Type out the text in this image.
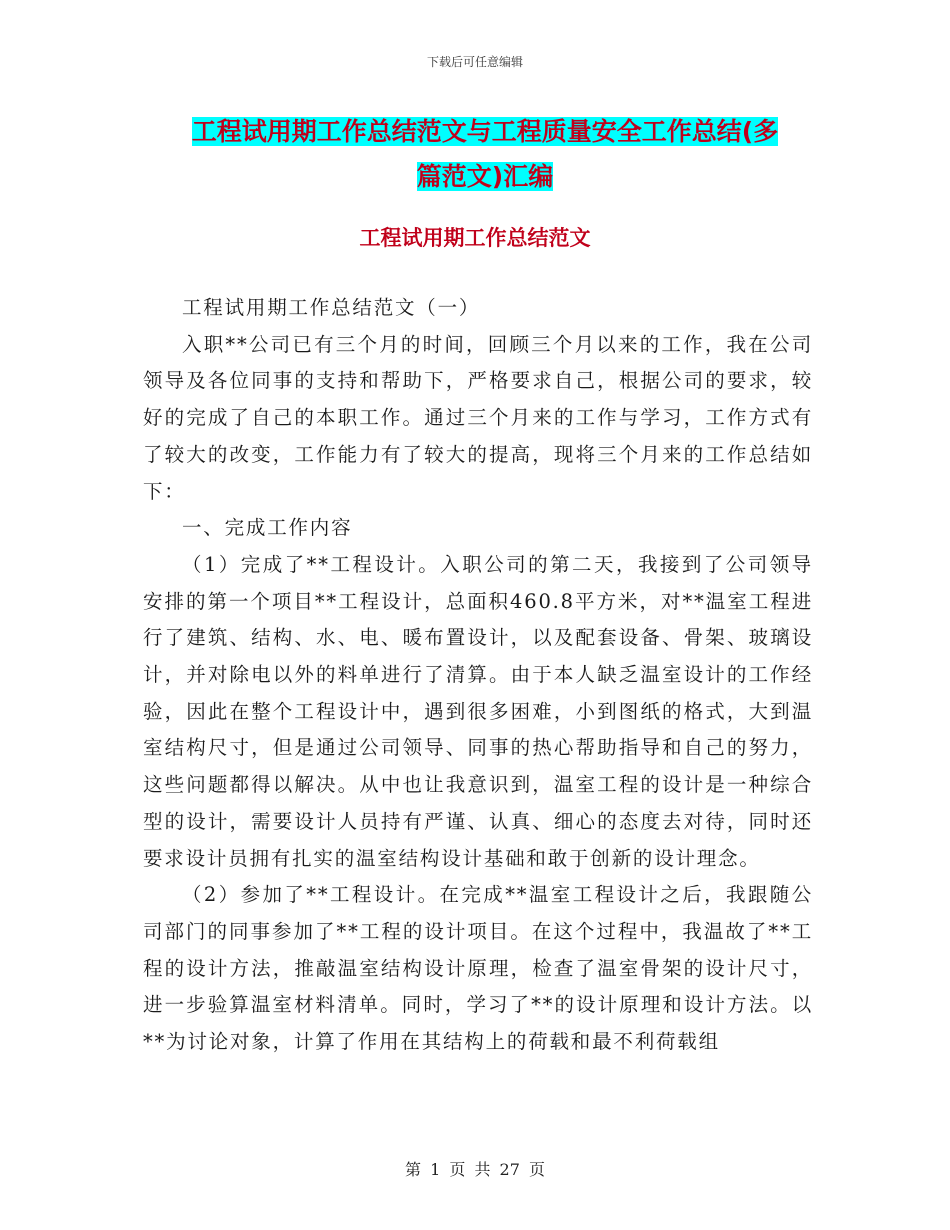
下载后可任意编辑
工程试用期工作总结范文与工程质量安全工作总结(多
篇范文)汇编
工程试用期工作总结范文

工程试用期工作总结范文（一）

入职**公司已有三个月的时间，回顾三个月以来的工作，我在公司领导及各位同事的支持和帮助下，严格要求自己，根据公司的要求，较好的完成了自己的本职工作。通过三个月来的工作与学习，工作方式有了较大的改变，工作能力有了较大的提高，现将三个月来的工作总结如下：

一、完成工作内容

（1）完成了**工程设计。入职公司的第二天，我接到了公司领导安排的第一个项目**工程设计，总面积460.8平方米，对**温室工程进行了建筑、结构、水、电、暖布置设计，以及配套设备、骨架、玻璃设计，并对除电以外的料单进行了清算。由于本人缺乏温室设计的工作经验，因此在整个工程设计中，遇到很多困难，小到图纸的格式，大到温室结构尺寸，但是通过公司领导、同事的热心帮助指导和自己的努力，这些问题都得以解决。从中也让我意识到，温室工程的设计是一种综合型的设计，需要设计人员持有严谨、认真、细心的态度去对待，同时还要求设计员拥有扎实的温室结构设计基础和敢于创新的设计理念。

（2）参加了**工程设计。在完成**温室工程设计之后，我跟随公司部门的同事参加了**工程的设计项目。在这个过程中，我温故了**工程的设计方法，推敲温室结构设计原理，检查了温室骨架的设计尺寸，进一步验算温室材料清单。同时，学习了**的设计原理和设计方法。以**为讨论对象，计算了作用在其结构上的荷载和最不利荷载组

第 1 页 共 27 页
